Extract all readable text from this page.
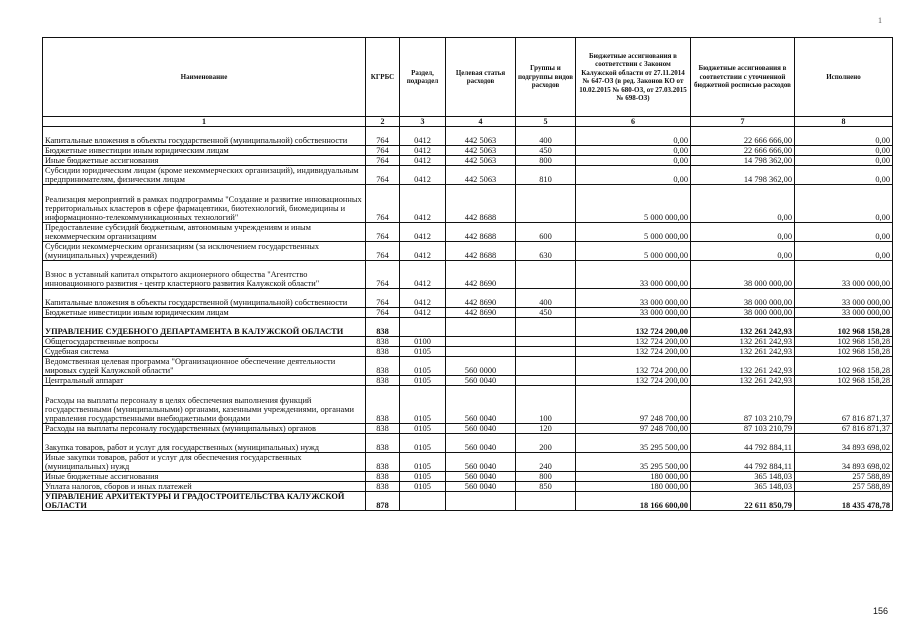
1
Наименование	КГРБС	Раздел, подраздел	Целевая статья расходов	Группы и подгруппы видов расходов	Бюджетные ассигнования в соответствии с Законом Калужской области от 27.11.2014 № 647-ОЗ (в ред. Законов КО от 10.02.2015 № 680-ОЗ, от 27.03.2015 № 698-ОЗ)	Бюджетные ассигнования в соответствии с уточненной бюджетной росписью расходов	Исполнено
1	2	3	4	5	6	7	8
Капитальные вложения в объекты государственной (муниципальной) собственности	764	0412	442 5063	400	0,00	22 666 666,00	0,00
Бюджетные инвестиции иным юридическим лицам	764	0412	442 5063	450	0,00	22 666 666,00	0,00
Иные бюджетные ассигнования	764	0412	442 5063	800	0,00	14 798 362,00	0,00
Субсидии юридическим лицам (кроме некоммерческих организаций), индивидуальным предпринимателям, физическим лицам	764	0412	442 5063	810	0,00	14 798 362,00	0,00
Реализация мероприятий в рамках подпрограммы "Создание и развитие инновационных территориальных кластеров в сфере фармацевтики, биотехнологий, биомедицины и информационно-телекоммуникационных технологий"	764	0412	442 8688		5 000 000,00	0,00	0,00
Предоставление субсидий бюджетным, автономным учреждениям и иным некоммерческим организациям	764	0412	442 8688	600	5 000 000,00	0,00	0,00
Субсидии некоммерческим организациям (за исключением государственных (муниципальных) учреждений)	764	0412	442 8688	630	5 000 000,00	0,00	0,00
Взнос в уставный капитал открытого акционерного общества "Агентство инновационного развития - центр кластерного развития Калужской области"	764	0412	442 8690		33 000 000,00	38 000 000,00	33 000 000,00
Капитальные вложения в объекты государственной (муниципальной) собственности	764	0412	442 8690	400	33 000 000,00	38 000 000,00	33 000 000,00
Бюджетные инвестиции иным юридическим лицам	764	0412	442 8690	450	33 000 000,00	38 000 000,00	33 000 000,00
УПРАВЛЕНИЕ СУДЕБНОГО ДЕПАРТАМЕНТА В КАЛУЖСКОЙ ОБЛАСТИ	838				132 724 200,00	132 261 242,93	102 968 158,28
Общегосударственные вопросы	838	0100			132 724 200,00	132 261 242,93	102 968 158,28
Судебная система	838	0105			132 724 200,00	132 261 242,93	102 968 158,28
Ведомственная целевая программа "Организационное обеспечение деятельности мировых судей Калужской области"	838	0105	560 0000		132 724 200,00	132 261 242,93	102 968 158,28
Центральный аппарат	838	0105	560 0040		132 724 200,00	132 261 242,93	102 968 158,28
Расходы на выплаты персоналу в целях обеспечения выполнения функций государственными (муниципальными) органами, казенными учреждениями, органами управления государственными внебюджетными фондами	838	0105	560 0040	100	97 248 700,00	87 103 210,79	67 816 871,37
Расходы на выплаты персоналу государственных (муниципальных) органов	838	0105	560 0040	120	97 248 700,00	87 103 210,79	67 816 871,37
Закупка товаров, работ и услуг для государственных (муниципальных) нужд	838	0105	560 0040	200	35 295 500,00	44 792 884,11	34 893 698,02
Иные закупки товаров, работ и услуг для обеспечения государственных (муниципальных) нужд	838	0105	560 0040	240	35 295 500,00	44 792 884,11	34 893 698,02
Иные бюджетные ассигнования	838	0105	560 0040	800	180 000,00	365 148,03	257 588,89
Уплата налогов, сборов и иных платежей	838	0105	560 0040	850	180 000,00	365 148,03	257 588,89
УПРАВЛЕНИЕ АРХИТЕКТУРЫ И ГРАДОСТРОИТЕЛЬСТВА КАЛУЖСКОЙ ОБЛАСТИ	878				18 166 600,00	22 611 850,79	18 435 478,78
156
